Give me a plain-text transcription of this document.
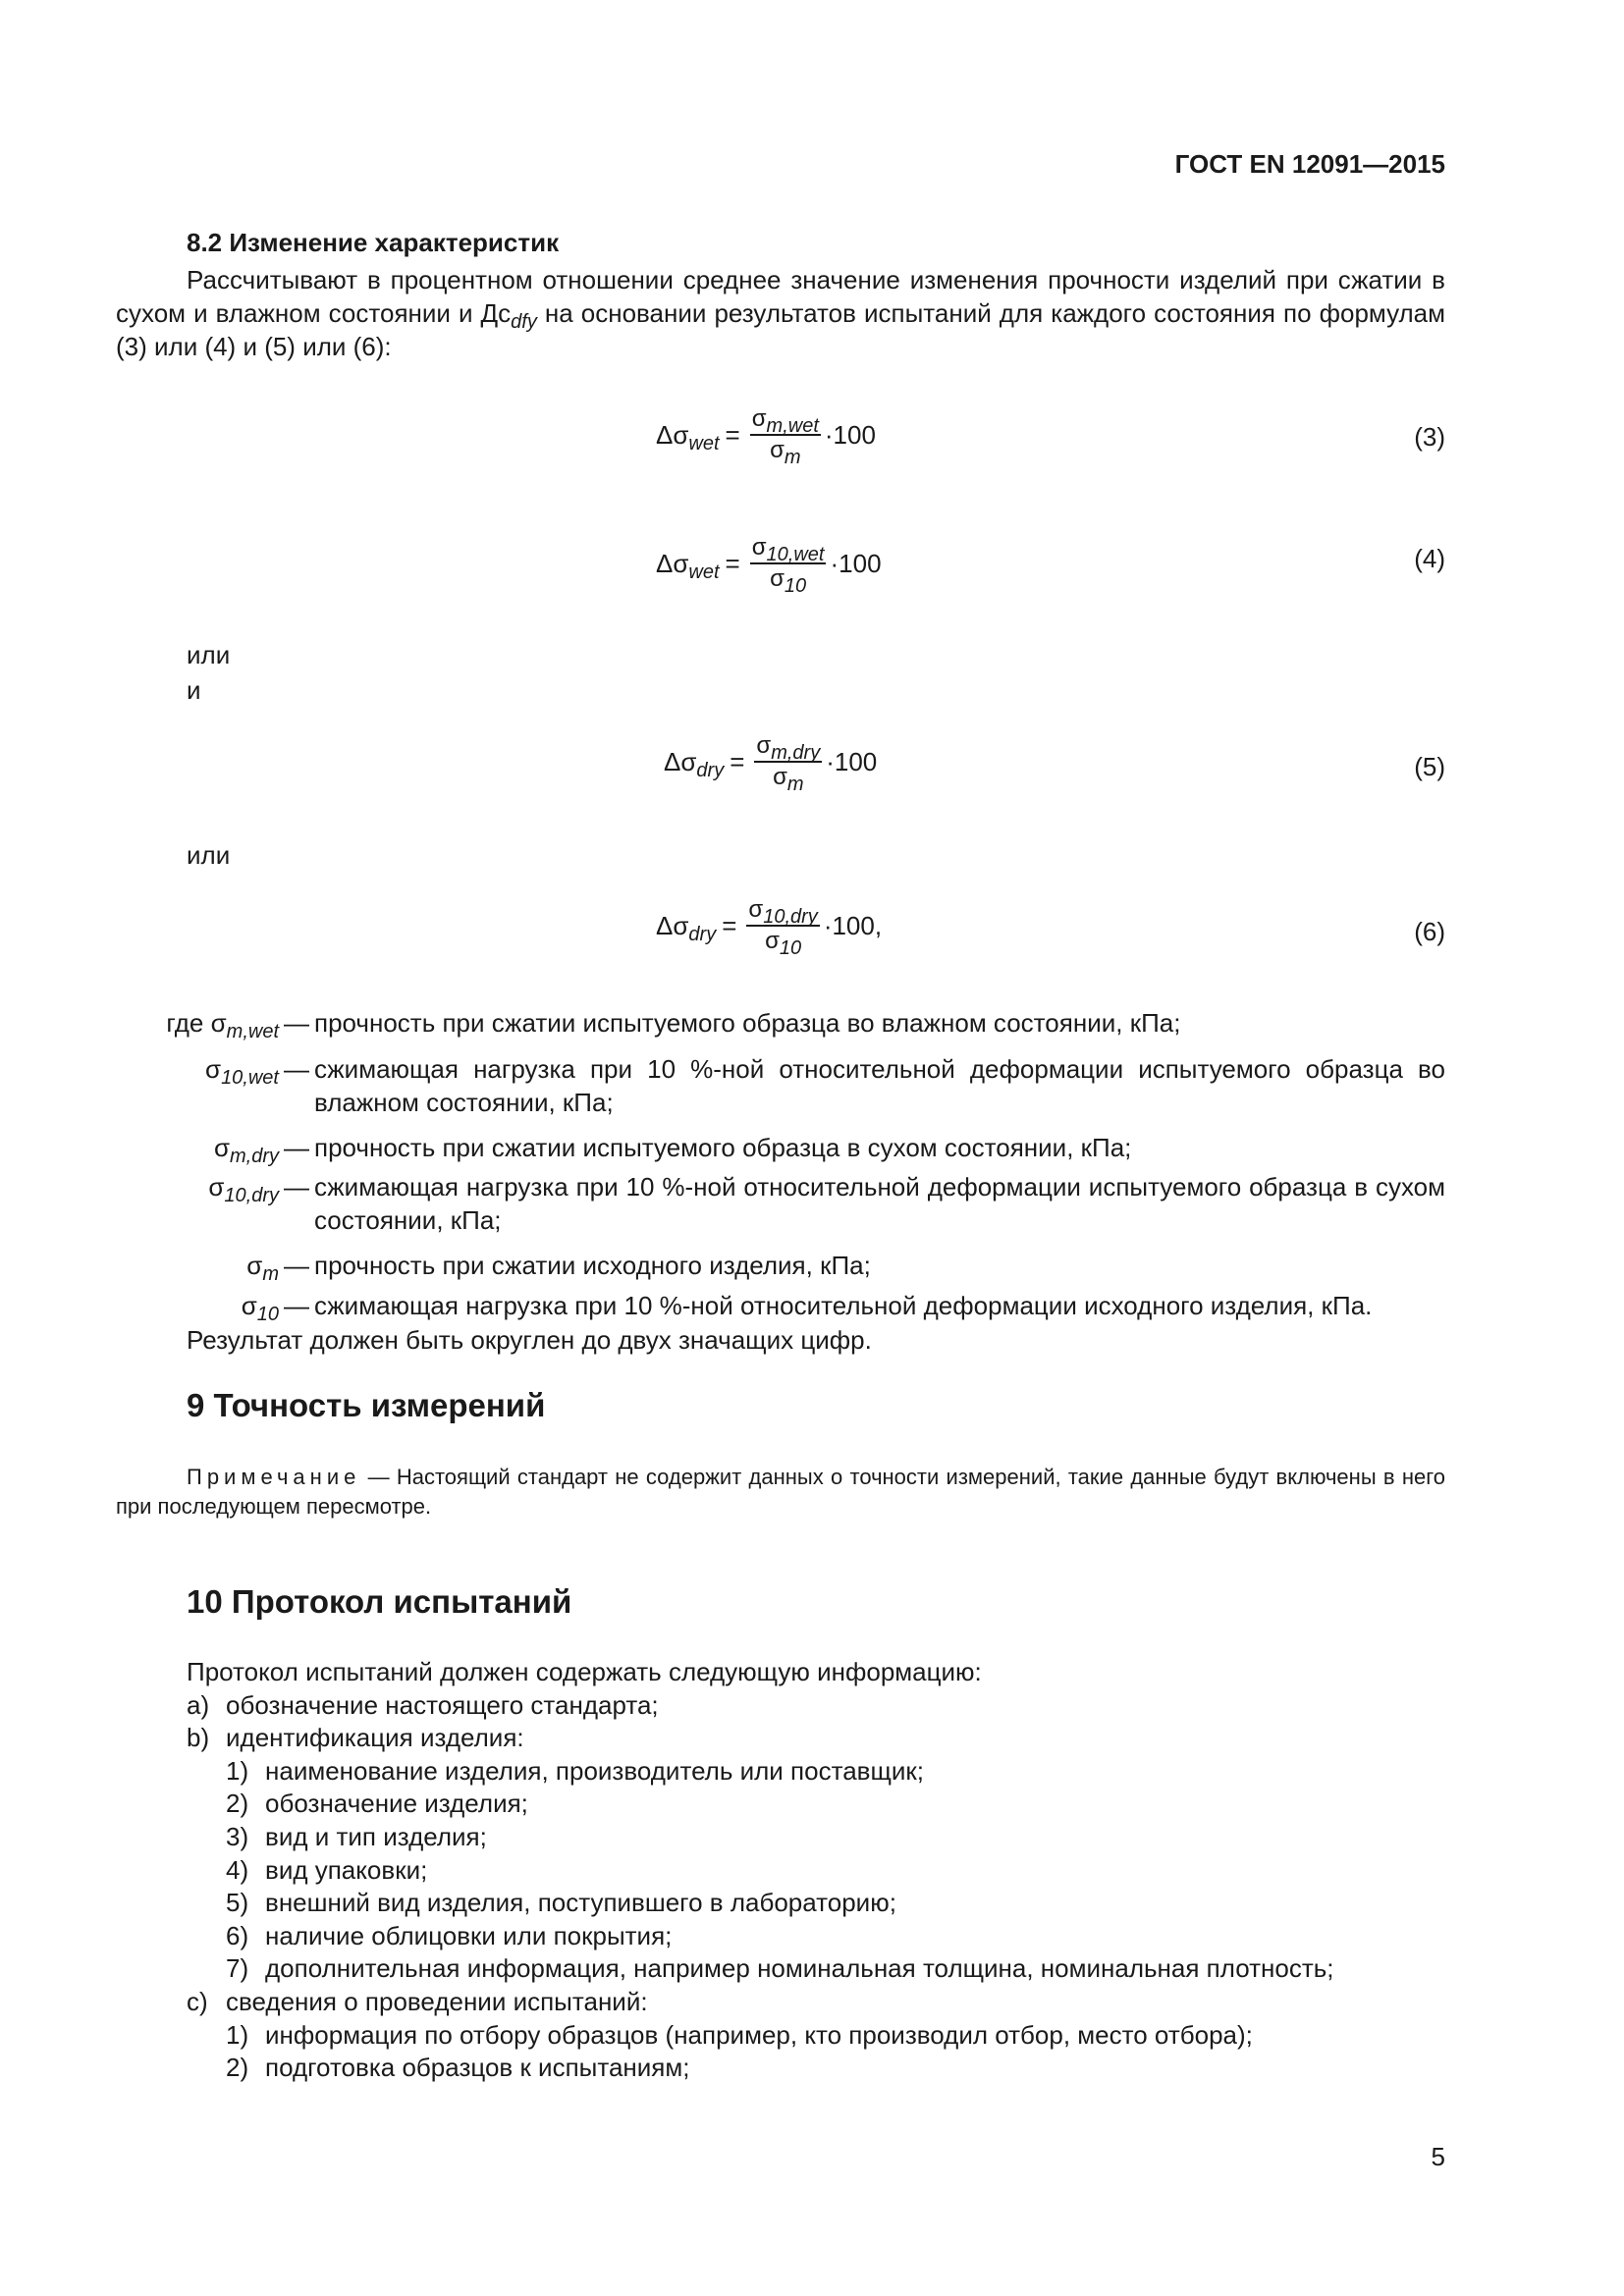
ГОСТ EN 12091—2015
8.2 Изменение характеристик
Рассчитывают в процентном отношении среднее значение изменения прочности изделий при сжатии в сухом и влажном состоянии и $Дс_{dfy}$ на основании результатов испытаний для каждого состояния по формулам (3) или (4) и (5) или (6):
$\Delta\sigma_{wet} = \frac{\sigma_{m,wet}}{\sigma_m} \cdot 100$	(3)
$\Delta\sigma_{wet} = \frac{\sigma_{10,wet}}{\sigma_{10}} \cdot 100$	(4)
или
и
$\Delta\sigma_{dry} = \frac{\sigma_{m,dry}}{\sigma_m} \cdot 100$	(5)
или
$\Delta\sigma_{dry} = \frac{\sigma_{10,dry}}{\sigma_{10}} \cdot 100$,	(6)
где $\sigma_{m,wet}$ — прочность при сжатии испытуемого образца во влажном состоянии, кПа;
$\sigma_{10,wet}$ — сжимающая нагрузка при 10 %-ной относительной деформации испытуемого образца во влажном состоянии, кПа;
$\sigma_{m,dry}$ — прочность при сжатии испытуемого образца в сухом состоянии, кПа;
$\sigma_{10,dry}$ — сжимающая нагрузка при 10 %-ной относительной деформации испытуемого образца в сухом состоянии, кПа;
$\sigma_m$ — прочность при сжатии исходного изделия, кПа;
$\sigma_{10}$ — сжимающая нагрузка при 10 %-ной относительной деформации исходного изделия, кПа.
Результат должен быть округлен до двух значащих цифр.
9 Точность измерений
Примечание — Настоящий стандарт не содержит данных о точности измерений, такие данные будут включены в него при последующем пересмотре.
10 Протокол испытаний
Протокол испытаний должен содержать следующую информацию:
a) обозначение настоящего стандарта;
b) идентификация изделия:
1) наименование изделия, производитель или поставщик;
2) обозначение изделия;
3) вид и тип изделия;
4) вид упаковки;
5) внешний вид изделия, поступившего в лабораторию;
6) наличие облицовки или покрытия;
7) дополнительная информация, например номинальная толщина, номинальная плотность;
c) сведения о проведении испытаний:
1) информация по отбору образцов (например, кто производил отбор, место отбора);
2) подготовка образцов к испытаниям;
5
